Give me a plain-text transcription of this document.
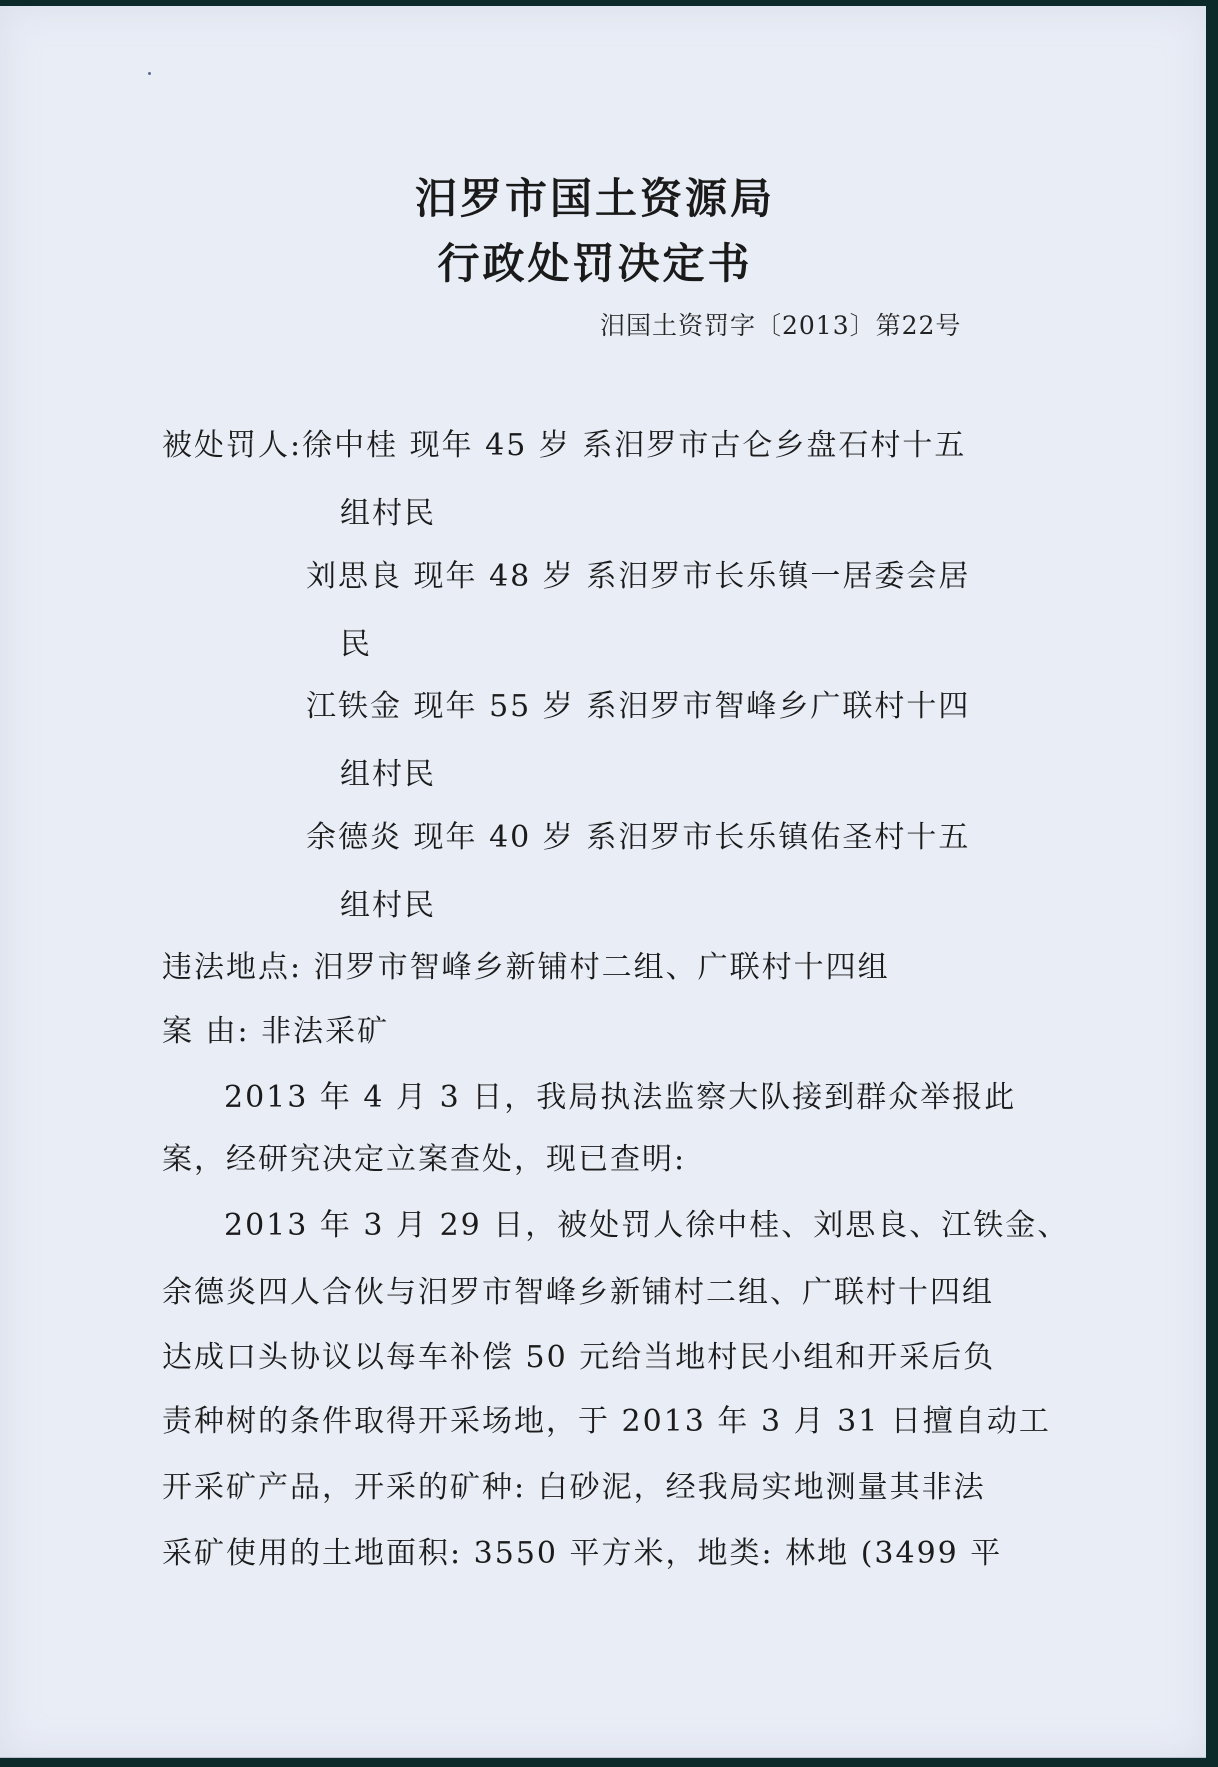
汨罗市国土资源局
行政处罚决定书
汨国土资罚字〔2013〕第22号
被处罚人:徐中桂 现年 45 岁 系汨罗市古仑乡盘石村十五
组村民
刘思良 现年 48 岁 系汨罗市长乐镇一居委会居
民
江铁金 现年 55 岁 系汨罗市智峰乡广联村十四
组村民
余德炎 现年 40 岁 系汨罗市长乐镇佑圣村十五
组村民
违法地点: 汨罗市智峰乡新铺村二组、广联村十四组
案 由: 非法采矿
2013 年 4 月 3 日，我局执法监察大队接到群众举报此
案，经研究决定立案查处，现已查明:
2013 年 3 月 29 日，被处罚人徐中桂、刘思良、江铁金、
余德炎四人合伙与汨罗市智峰乡新铺村二组、广联村十四组
达成口头协议以每车补偿 50 元给当地村民小组和开采后负
责种树的条件取得开采场地，于 2013 年 3 月 31 日擅自动工
开采矿产品，开采的矿种: 白砂泥，经我局实地测量其非法
采矿使用的土地面积: 3550 平方米，地类: 林地 (3499 平
